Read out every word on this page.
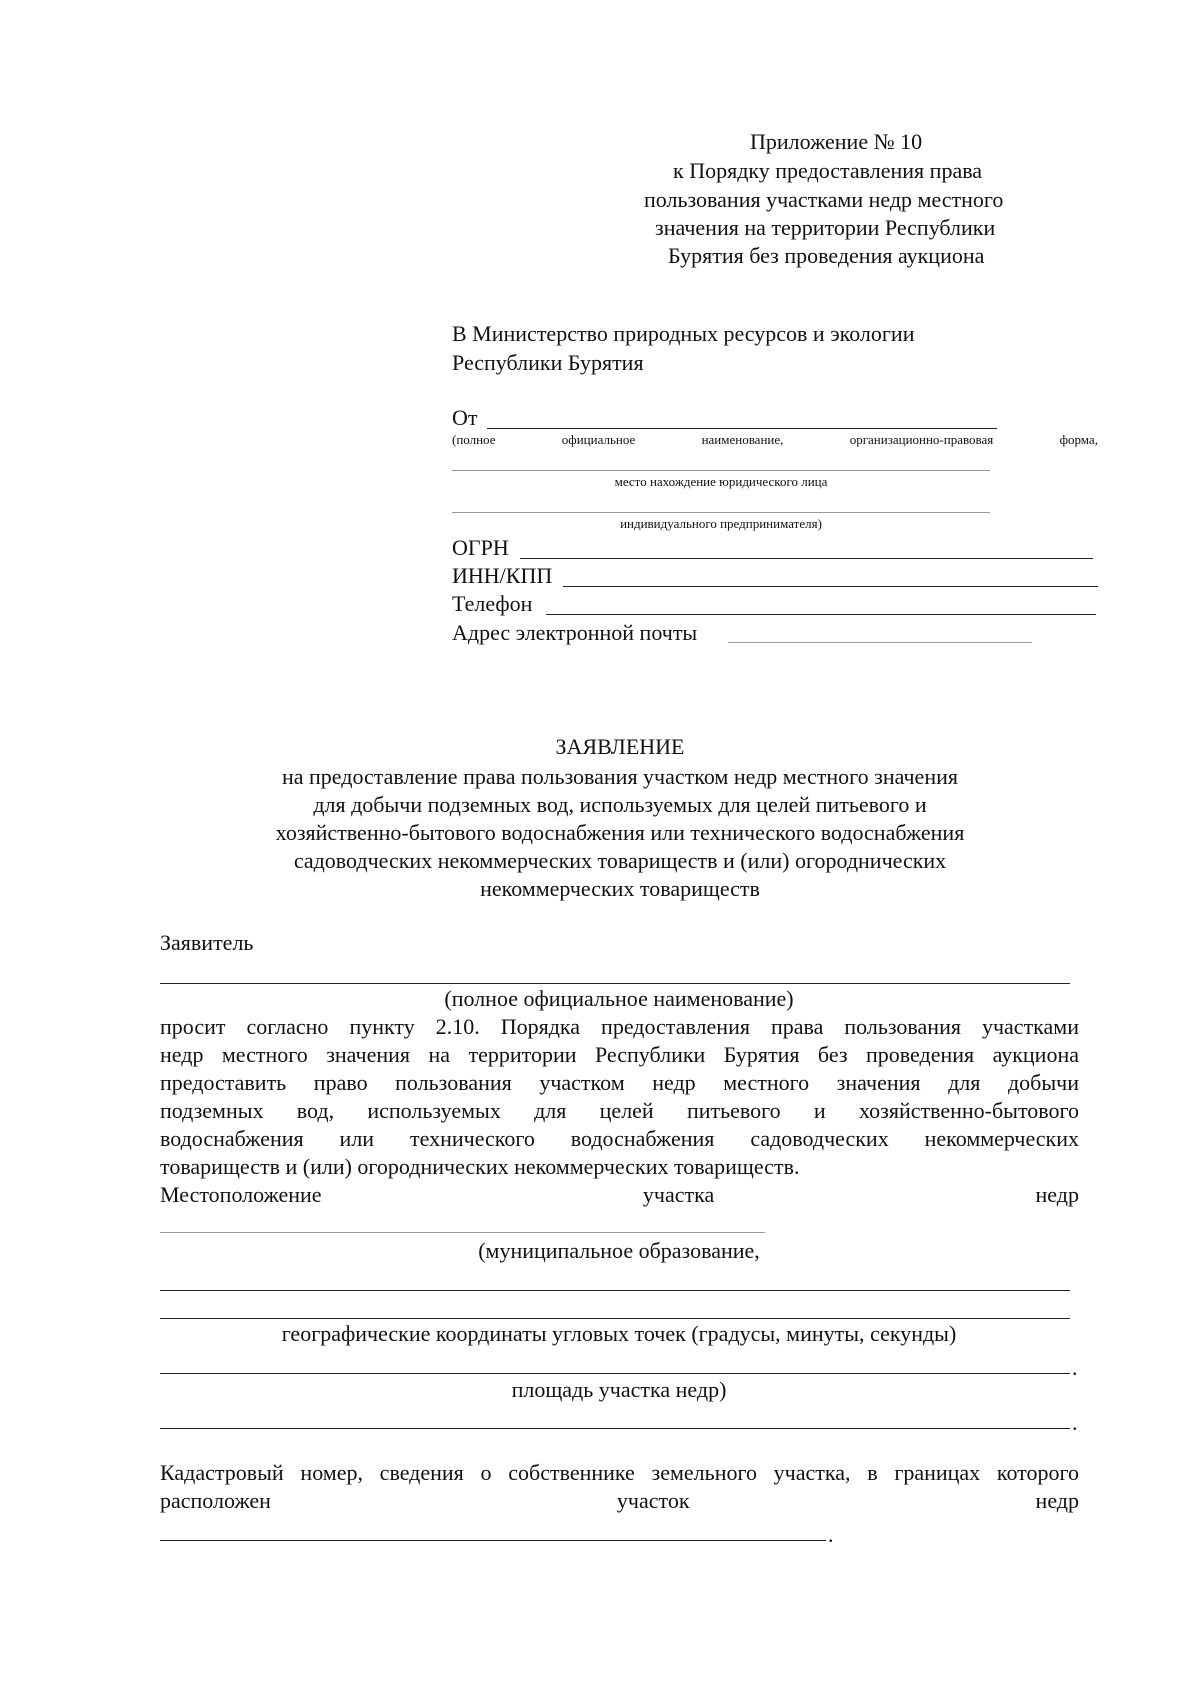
Приложение № 10
к Порядку предоставления права
пользования участками недр местного
значения на территории Республики
Бурятия без проведения аукциона
В Министерство природных ресурсов и экологии
Республики Бурятия
От
(полное	официальное	наименование,	организационно-правовая	форма,
место нахождение юридического лица
индивидуального предпринимателя)
ОГРН
ИНН/КПП
Телефон
Адрес электронной почты
ЗАЯВЛЕНИЕ
на предоставление права пользования участком недр местного значения
для добычи подземных вод, используемых для целей питьевого и
хозяйственно-бытового водоснабжения или технического водоснабжения
садоводческих некоммерческих товариществ и (или) огороднических
некоммерческих товариществ
Заявитель
(полное официальное наименование)
просит согласно пункту 2.10. Порядка предоставления права пользования участками
недр местного значения на территории Республики Бурятия без проведения аукциона
предоставить право пользования участком недр местного значения для добычи
подземных вод, используемых для целей питьевого и хозяйственно-бытового
водоснабжения или технического водоснабжения садоводческих некоммерческих
товариществ и (или) огороднических некоммерческих товариществ.
Местоположение	участка	недр
(муниципальное образование,
географические координаты угловых точек (градусы, минуты, секунды)
.
площадь участка недр)
.
Кадастровый номер, сведения о собственнике земельного участка, в границах которого
расположен	участок	недр
.
